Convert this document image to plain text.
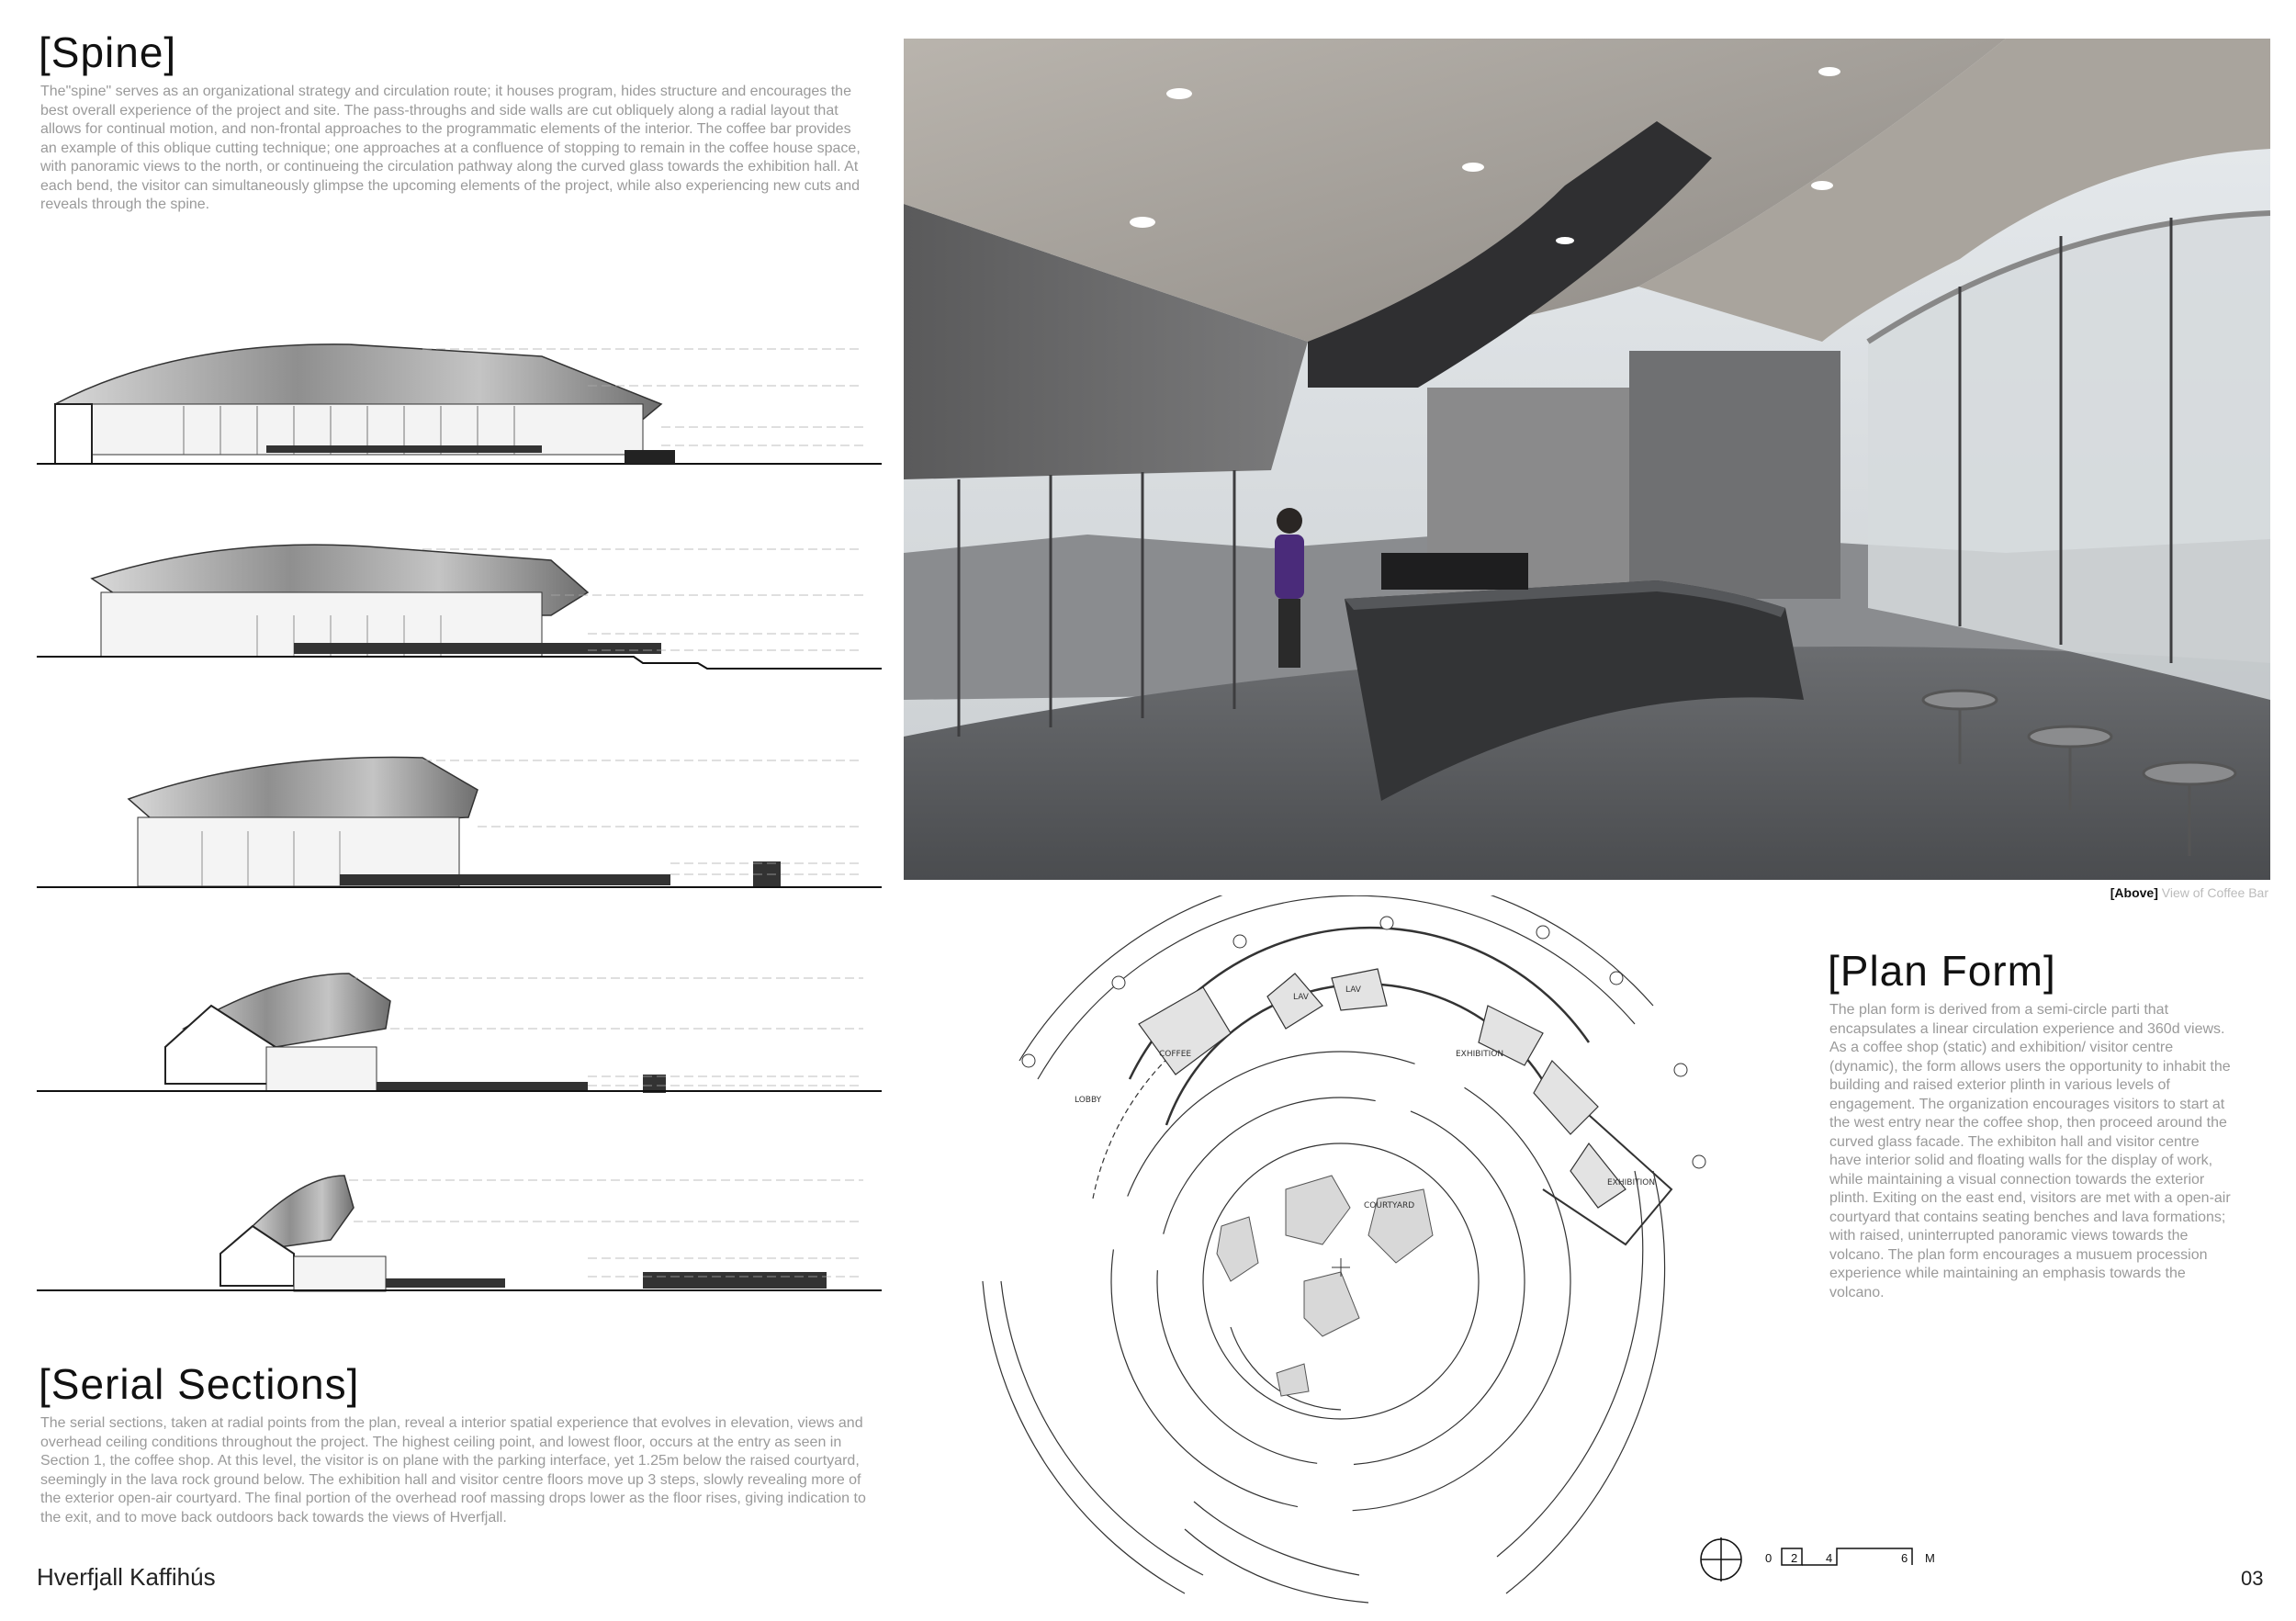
[Spine]
The"spine" serves as an organizational strategy and circulation route; it houses program, hides structure and encourages the best overall experience of the project and site. The pass-throughs and side walls are cut obliquely along a radial layout that allows for continual motion, and non-frontal approaches to the programmatic elements of the interior. The coffee bar provides an example of this oblique cutting technique; one approaches at a confluence of stopping to remain in the coffee house space, with panoramic views to the north, or continueing the circulation pathway along the curved glass towards the exhibition hall. At each bend, the visitor can simultaneously glimpse the upcoming elements of the project, while also experiencing new cuts and reveals through the spine.
[Serial Sections]
The serial sections, taken at radial points from the plan, reveal a interior spatial experience that evolves in elevation, views and overhead ceiling conditions throughout the project. The highest ceiling point, and lowest floor, occurs at the entry as seen in Section 1, the coffee shop. At this level, the visitor is on plane with the parking interface, yet 1.25m below the raised courtyard, seemingly in the lava rock ground below. The exhibition hall and visitor centre floors move up 3 steps, slowly revealing more of the exterior open-air courtyard. The final portion of the overhead roof massing drops lower as the floor rises, giving indication to the exit, and to move back outdoors back towards the views of Hverfjall.
Hverfjall Kaffihús
[Above] View of Coffee Bar
COFFEE
LOBBY
LAV
LAV
EXHIBITION
EXHIBITION
COURTYARD
[Plan Form]
The plan form is derived from a semi-circle parti that encapsulates a linear circulation experience and 360d views. As a coffee shop (static) and exhibition/ visitor centre (dynamic), the form allows users the opportunity to inhabit the building and raised exterior plinth in various levels of engagement. The organization encourages visitors to start at the west entry near the coffee shop, then proceed around the curved glass facade. The exhibiton hall and visitor centre have interior solid and floating walls for the display of work, while maintaining a visual connection towards the exterior plinth. Exiting on the east end, visitors are met with a open-air courtyard that contains seating benches and lava formations; with raised, uninterrupted panoramic views towards the volcano. The plan form encourages a musuem procession experience while maintaining an emphasis towards the volcano.
0 2 4	6 M
03
